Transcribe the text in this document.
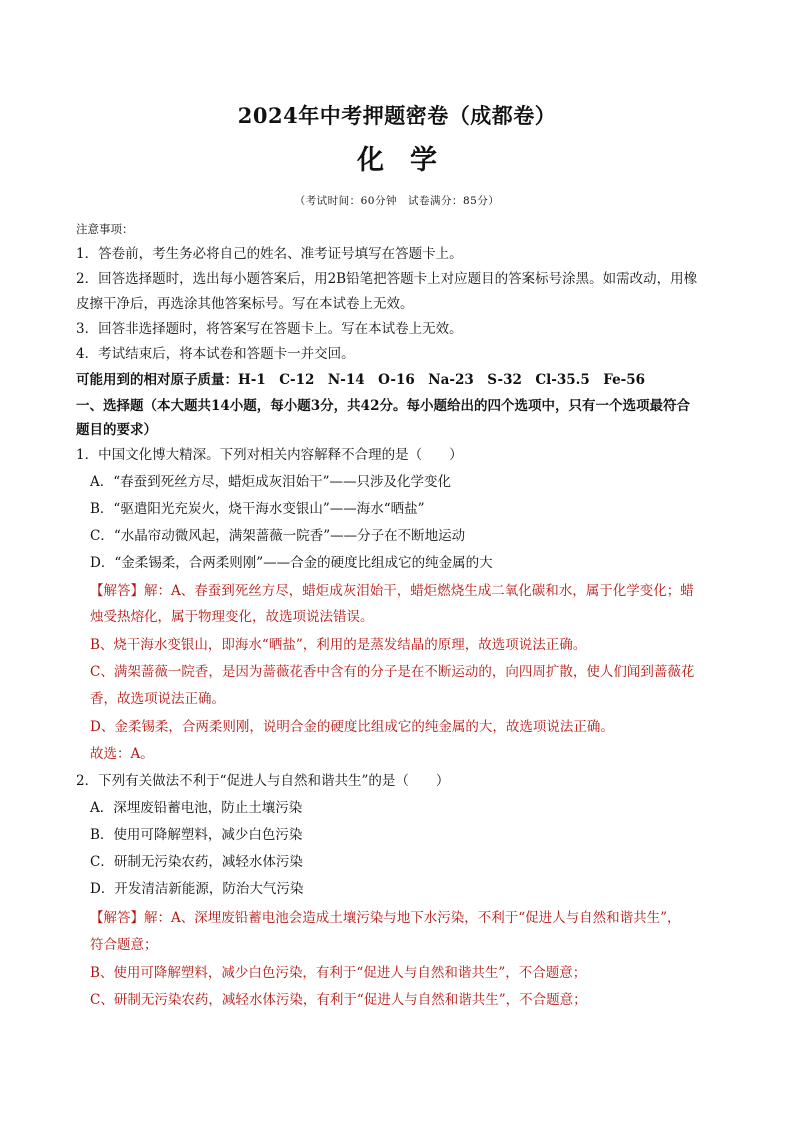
2024年中考押题密卷（成都卷）
化学
（考试时间：60分钟　试卷满分：85分）
注意事项：
1．答卷前，考生务必将自己的姓名、准考证号填写在答题卡上。
2．回答选择题时，选出每小题答案后，用2B铅笔把答题卡上对应题目的答案标号涂黑。如需改动，用橡
皮擦干净后，再选涂其他答案标号。写在本试卷上无效。
3．回答非选择题时，将答案写在答题卡上。写在本试卷上无效。
4．考试结束后，将本试卷和答题卡一并交回。
可能用到的相对原子质量：H-1　C-12　N-14　O-16　Na-23　S-32　Cl-35.5　Fe-56
一、选择题（本大题共14小题，每小题3分，共42分。每小题给出的四个选项中，只有一个选项最符合
题目的要求）
1．中国文化博大精深。下列对相关内容解释不合理的是（　　）
A．“春蚕到死丝方尽，蜡炬成灰泪始干”——只涉及化学变化
B．“驱遣阳光充炭火，烧干海水变银山”——海水“晒盐”
C．“水晶帘动微风起，满架蔷薇一院香”——分子在不断地运动
D．“金柔锡柔，合两柔则刚”——合金的硬度比组成它的纯金属的大
【解答】解：A、春蚕到死丝方尽，蜡炬成灰泪始干，蜡炬燃烧生成二氧化碳和水，属于化学变化；蜡
烛受热熔化，属于物理变化，故选项说法错误。
B、烧干海水变银山，即海水“晒盐”，利用的是蒸发结晶的原理，故选项说法正确。
C、满架蔷薇一院香，是因为蔷薇花香中含有的分子是在不断运动的，向四周扩散，使人们闻到蔷薇花
香，故选项说法正确。
D、金柔锡柔，合两柔则刚，说明合金的硬度比组成它的纯金属的大，故选项说法正确。
故选：A。
2．下列有关做法不利于“促进人与自然和谐共生”的是（　　）
A．深埋废铅蓄电池，防止土壤污染
B．使用可降解塑料，减少白色污染
C．研制无污染农药，减轻水体污染
D．开发清洁新能源，防治大气污染
【解答】解：A、深埋废铅蓄电池会造成土壤污染与地下水污染，不利于“促进人与自然和谐共生”，
符合题意；
B、使用可降解塑料，减少白色污染，有利于“促进人与自然和谐共生”，不合题意；
C、研制无污染农药，减轻水体污染，有利于“促进人与自然和谐共生”，不合题意；
